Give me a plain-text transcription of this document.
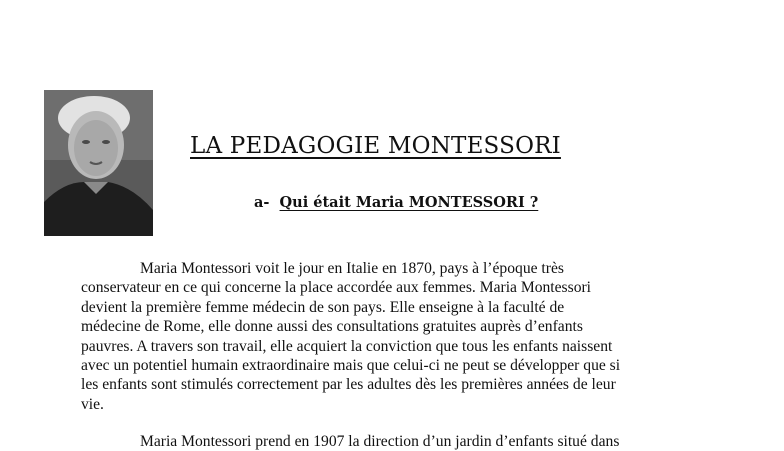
LA PEDAGOGIE MONTESSORI
a- Qui était Maria MONTESSORI ?

Maria Montessori voit le jour en Italie en 1870, pays à l’époque très
conservateur en ce qui concerne la place accordée aux femmes. Maria Montessori
devient la première femme médecin de son pays. Elle enseigne à la faculté de
médecine de Rome, elle donne aussi des consultations gratuites auprès d’enfants
pauvres. A travers son travail, elle acquiert la conviction que tous les enfants naissent
avec un potentiel humain extraordinaire mais que celui-ci ne peut se développer que si
les enfants sont stimulés correctement par les adultes dès les premières années de leur
vie.

Maria Montessori prend en 1907 la direction d’un jardin d’enfants situé dans
